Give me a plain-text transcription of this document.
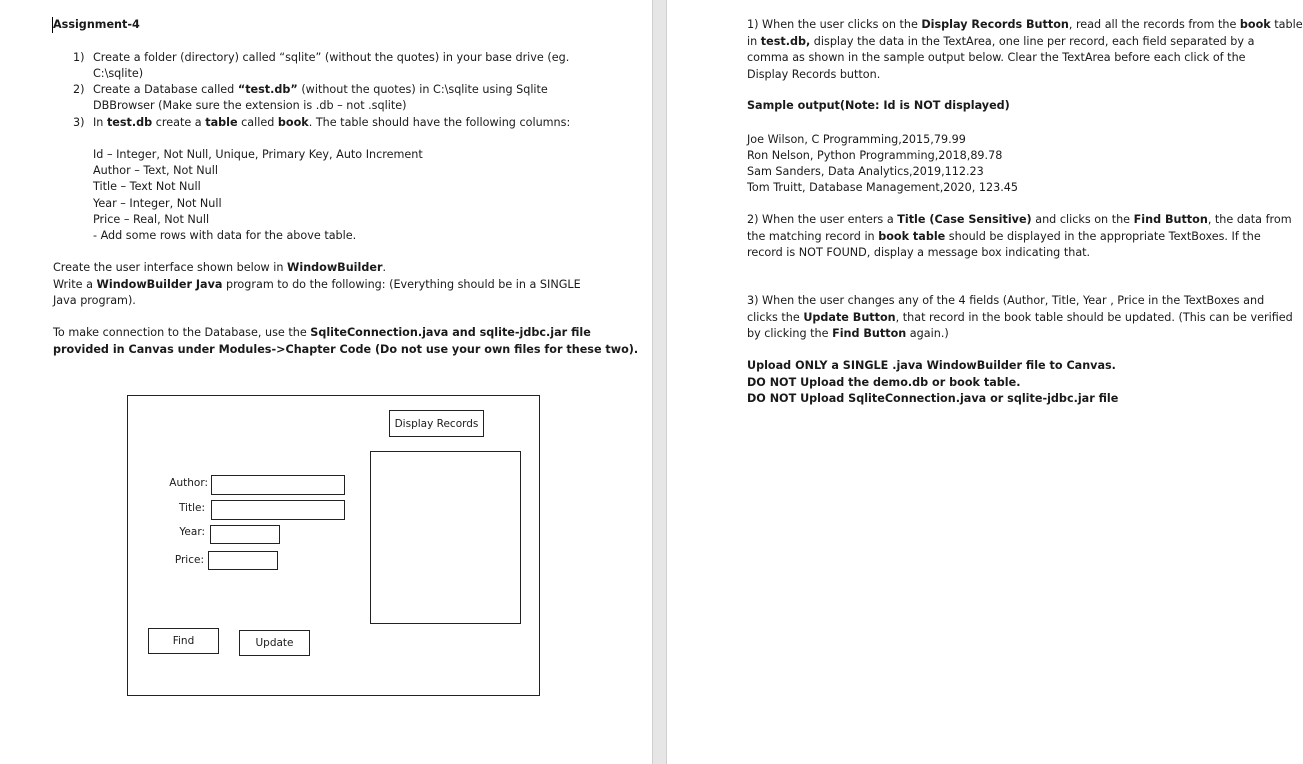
Assignment-4
1) Create a folder (directory) called “sqlite” (without the quotes) in your base drive (eg.
C:\sqlite)
2) Create a Database called “test.db” (without the quotes) in C:\sqlite using Sqlite
DBBrowser (Make sure the extension is .db – not .sqlite)
3) In test.db create a table called book. The table should have the following columns:
Id – Integer, Not Null, Unique, Primary Key, Auto Increment
Author – Text, Not Null
Title – Text Not Null
Year – Integer, Not Null
Price – Real, Not Null
- Add some rows with data for the above table.
Create the user interface shown below in WindowBuilder.
Write a WindowBuilder Java program to do the following: (Everything should be in a SINGLE
Java program).
To make connection to the Database, use the SqliteConnection.java and sqlite-jdbc.jar file
provided in Canvas under Modules->Chapter Code (Do not use your own files for these two).
Display Records
Author:
Title:
Year:
Price:
Find	Update
1) When the user clicks on the Display Records Button, read all the records from the book table
in test.db, display the data in the TextArea, one line per record, each field separated by a
comma as shown in the sample output below. Clear the TextArea before each click of the
Display Records button.
Sample output(Note: Id is NOT displayed)
Joe Wilson, C Programming,2015,79.99
Ron Nelson, Python Programming,2018,89.78
Sam Sanders, Data Analytics,2019,112.23
Tom Truitt, Database Management,2020, 123.45
2) When the user enters a Title (Case Sensitive) and clicks on the Find Button, the data from
the matching record in book table should be displayed in the appropriate TextBoxes. If the
record is NOT FOUND, display a message box indicating that.
3) When the user changes any of the 4 fields (Author, Title, Year , Price in the TextBoxes and
clicks the Update Button, that record in the book table should be updated. (This can be verified
by clicking the Find Button again.)
Upload ONLY a SINGLE .java WindowBuilder file to Canvas.
DO NOT Upload the demo.db or book table.
DO NOT Upload SqliteConnection.java or sqlite-jdbc.jar file
